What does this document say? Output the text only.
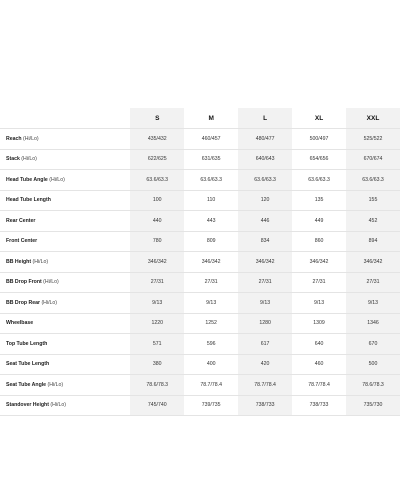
	S	M	L	XL	XXL
Reach (Hi/Lo)	435/432	460/457	480/477	500/497	525/522
Stack (Hi/Lo)	622/625	631/635	640/643	654/656	670/674
Head Tube Angle (Hi/Lo)	63.6/63.3	63.6/63.3	63.6/63.3	63.6/63.3	63.6/63.3
Head Tube Length	100	110	120	135	155
Rear Center	440	443	446	449	452
Front Center	780	809	834	860	894
BB Height (Hi/Lo)	346/342	346/342	346/342	346/342	346/342
BB Drop Front (Hi/Lo)	27/31	27/31	27/31	27/31	27/31
BB Drop Rear (Hi/Lo)	9/13	9/13	9/13	9/13	9/13
Wheelbase	1220	1252	1280	1309	1346
Top Tube Length	571	596	617	640	670
Seat Tube Length	380	400	420	460	500
Seat Tube Angle (Hi/Lo)	78.6/78.3	78.7/78.4	78.7/78.4	78.7/78.4	78.6/78.3
Standover Height (Hi/Lo)	745/740	739/735	738/733	738/733	735/730
